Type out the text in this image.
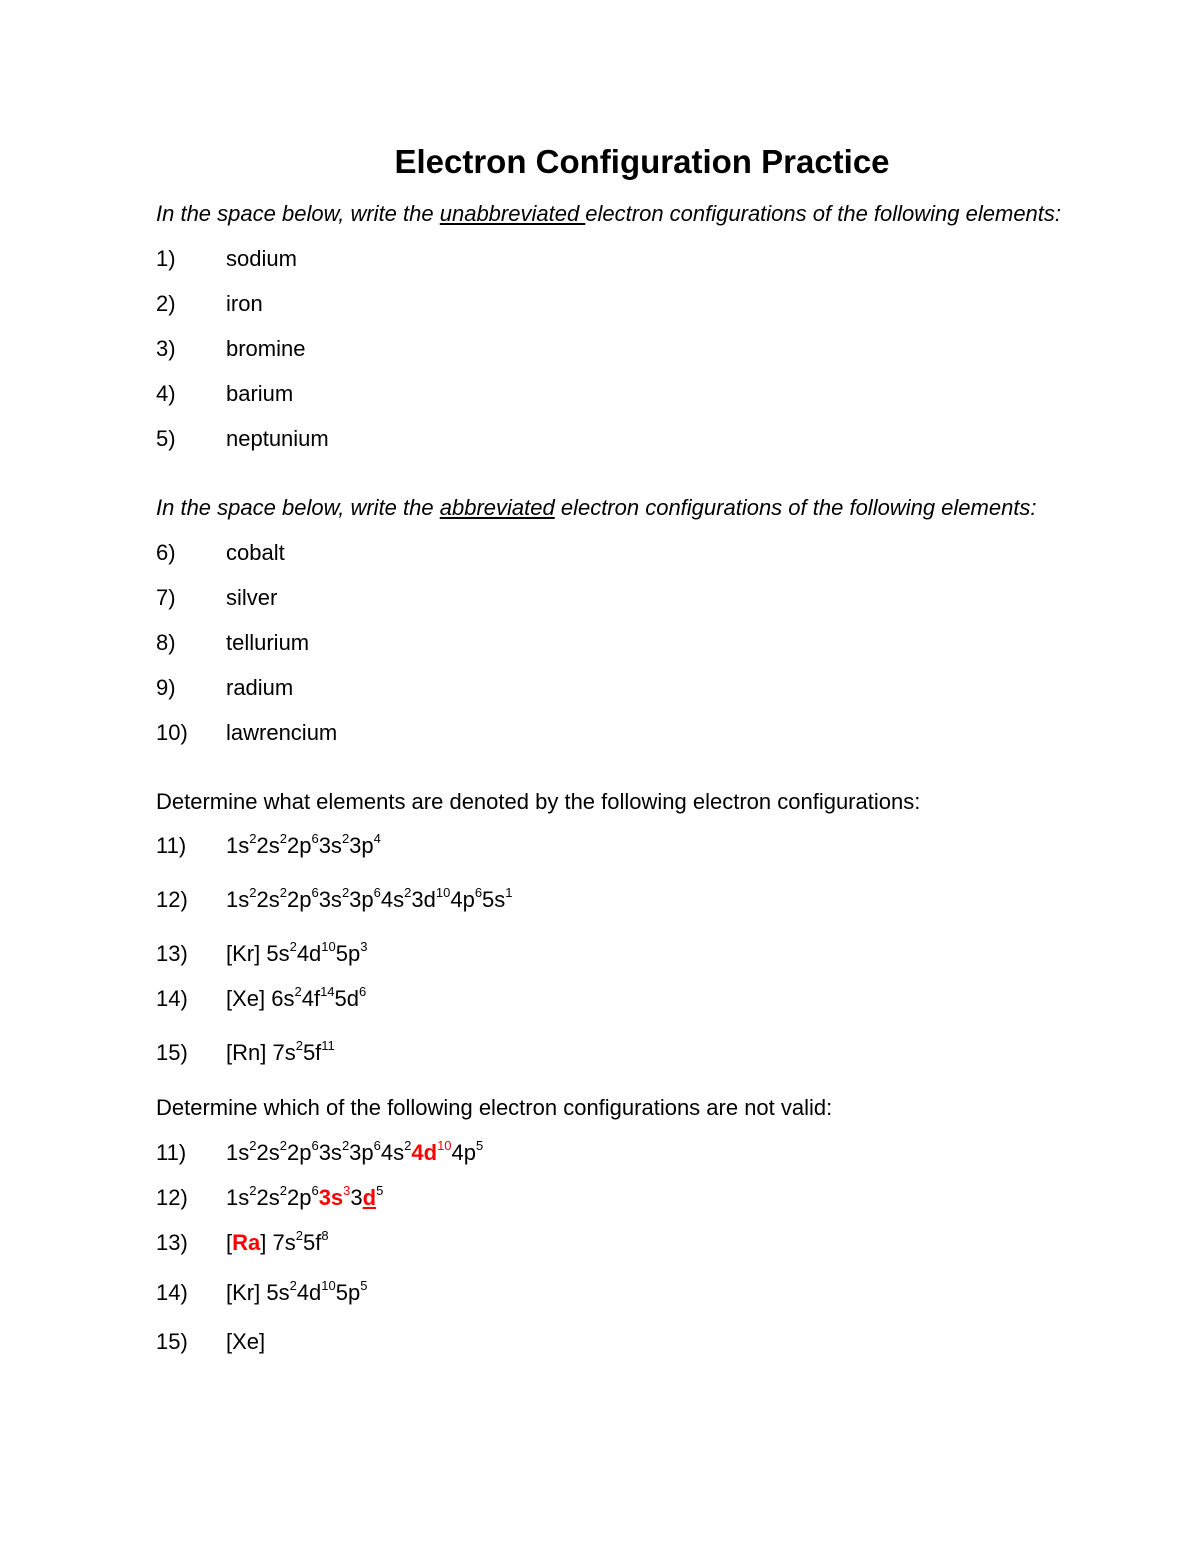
Electron Configuration Practice
In the space below, write the unabbreviated electron configurations of the following elements:
1) sodium
2) iron
3) bromine
4) barium
5) neptunium
In the space below, write the abbreviated electron configurations of the following elements:
6) cobalt
7) silver
8) tellurium
9) radium
10) lawrencium
Determine what elements are denoted by the following electron configurations:
11) $1s^22s^22p^63s^23p^4$
12) $1s^22s^22p^63s^23p^64s^23d^{10}4p^65s^1$
13) [Kr] $5s^24d^{10}5p^3$
14) [Xe] $6s^24f^{14}5d^6$
15) [Rn] $7s^25f^{11}$
Determine which of the following electron configurations are not valid:
11) $1s^22s^22p^63s^23p^64s^24d^{10}4p^5$
12) $1s^22s^22p^63s^33d^5$
13) [Ra] $7s^25f^8$
14) [Kr] $5s^24d^{10}5p^5$
15) [Xe]
